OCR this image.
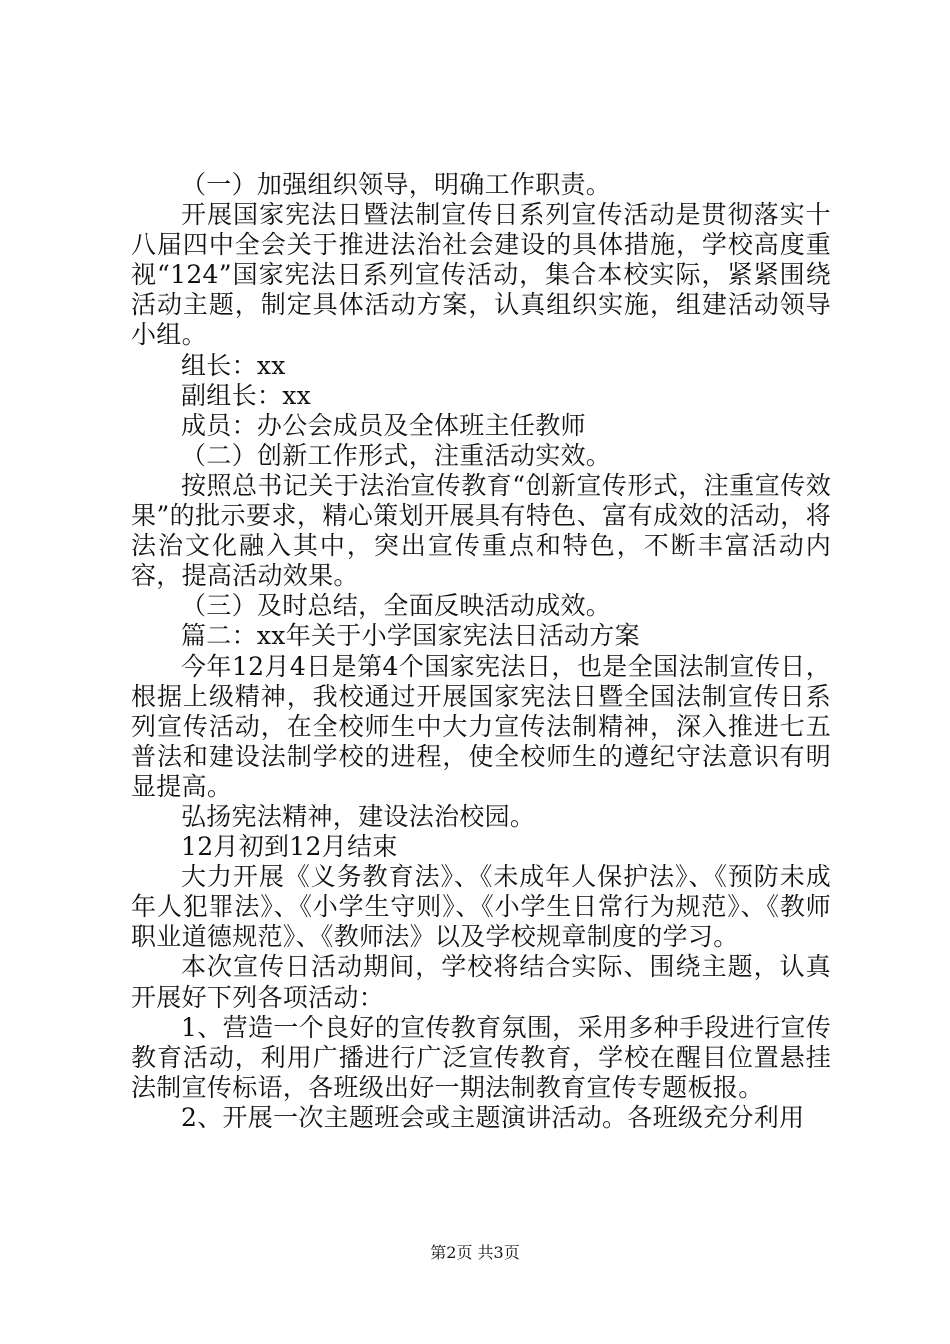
（一）加强组织领导，明确工作职责。

开展国家宪法日暨法制宣传日系列宣传活动是贯彻落实十八届四中全会关于推进法治社会建设的具体措施，学校高度重视“124”国家宪法日系列宣传活动，集合本校实际，紧紧围绕活动主题，制定具体活动方案，认真组织实施，组建活动领导小组。

组长：xx

副组长：xx

成员：办公会成员及全体班主任教师

（二）创新工作形式，注重活动实效。

按照总书记关于法治宣传教育“创新宣传形式，注重宣传效果”的批示要求，精心策划开展具有特色、富有成效的活动，将法治文化融入其中，突出宣传重点和特色，不断丰富活动内容，提高活动效果。

（三）及时总结，全面反映活动成效。

篇二：xx年关于小学国家宪法日活动方案

今年12月4日是第4个国家宪法日，也是全国法制宣传日，根据上级精神，我校通过开展国家宪法日暨全国法制宣传日系列宣传活动，在全校师生中大力宣传法制精神，深入推进七五普法和建设法制学校的进程，使全校师生的遵纪守法意识有明显提高。

弘扬宪法精神，建设法治校园。

12月初到12月结束

大力开展《义务教育法》、《未成年人保护法》、《预防未成年人犯罪法》、《小学生守则》、《小学生日常行为规范》、《教师职业道德规范》、《教师法》以及学校规章制度的学习。

本次宣传日活动期间，学校将结合实际、围绕主题，认真开展好下列各项活动：

1、营造一个良好的宣传教育氛围，采用多种手段进行宣传教育活动，利用广播进行广泛宣传教育，学校在醒目位置悬挂法制宣传标语，各班级出好一期法制教育宣传专题板报。

2、开展一次主题班会或主题演讲活动。各班级充分利用

第2页 共3页
